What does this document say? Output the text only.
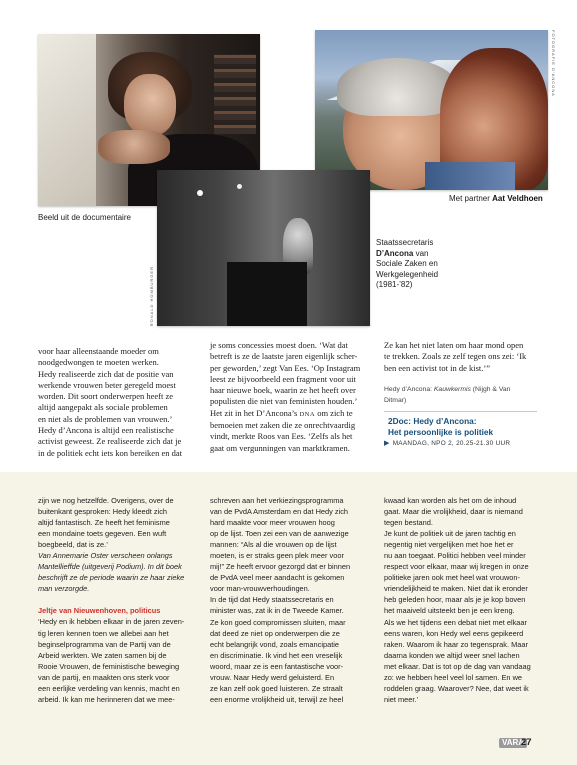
FOTOGRAFIE D'ANCONA
RONALD HOMBURGER
Beeld uit de documentaire
Met partner Aat Veldhoen
Staatssecretaris
D’Ancona van
Sociale Zaken en
Werkgelegenheid
(1981-’82)
voor haar alleenstaande moeder om
noodgedwongen te moeten werken.
Hedy realiseerde zich dat de positie van
werkende vrouwen beter geregeld moest
worden. Dit soort onderwerpen heeft ze
altijd aangepakt als sociale problemen
en niet als de problemen van vrouwen.’
Hedy d’Ancona is altijd een realistische
activist geweest. Ze realiseerde zich dat je
in de politiek echt iets kon bereiken en dat
je soms concessies moest doen. ‘Wat dat
betreft is ze de laatste jaren eigenlijk scher-
per geworden,’ zegt Van Ees. ‘Op Instagram
leest ze bijvoorbeeld een fragment voor uit
haar nieuwe boek, waarin ze het heeft over
populisten die niet van feministen houden.’
Het zit in het D’Ancona’s DNA om zich te
bemoeien met zaken die ze onrechtvaardig
vindt, merkte Roos van Ees. ‘Zelfs als het
gaat om vergunningen van marktkramen.
Ze kan het niet laten om haar mond open
te trekken. Zoals ze zelf tegen ons zei: ‘Ik
ben een activist tot in de kist.’”
Hedy d’Ancona: Kauwkermis (Nijgh & Van
Ditmar)
2Doc: Hedy d’Ancona:
Het persoonlijke is politiek
▶ MAANDAG, NPO 2, 20.25-21.30 UUR
zijn we nog hetzelfde. Overigens, over de
buitenkant gesproken: Hedy kleedt zich
altijd fantastisch. Ze heeft het feminisme
een mondaine toets gegeven. Een wuft
boegbeeld, dat is ze.’
Van Annemarie Oster verscheen onlangs
Mantellieffde (uitgeverij Podium). In dit boek
beschrijft ze de periode waarin ze haar zieke
man verzorgde.
Jeltje van Nieuwenhoven, politicus
‘Hedy en ik hebben elkaar in de jaren zeven-
tig leren kennen toen we allebei aan het
beginselprogramma van de Partij van de
Arbeid werkten. We zaten samen bij de
Rooie Vrouwen, de feministische beweging
van de partij, en maakten ons sterk voor
een eerlijke verdeling van kennis, macht en
arbeid. Ik kan me herinneren dat we mee-
schreven aan het verkiezingsprogramma
van de PvdA Amsterdam en dat Hedy zich
hard maakte voor meer vrouwen hoog
op de lijst. Toen zei een van de aanwezige
mannen: “Als al die vrouwen op de lijst
moeten, is er straks geen plek meer voor
mij!” Ze heeft ervoor gezorgd dat er binnen
de PvdA veel meer aandacht is gekomen
voor man-vrouwverhoudingen.
In de tijd dat Hedy staatssecretaris en
minister was, zat ik in de Tweede Kamer.
Ze kon goed compromissen sluiten, maar
dat deed ze niet op onderwerpen die ze
echt belangrijk vond, zoals emancipatie
en discriminatie. Ik vind het een vreselijk
woord, maar ze is een fantastische voor-
vrouw. Naar Hedy werd geluisterd. En
ze kan zelf ook goed luisteren. Ze straalt
een enorme vrolijkheid uit, terwijl ze heel
kwaad kan worden als het om de inhoud
gaat. Maar die vrolijkheid, daar is niemand
tegen bestand.
Je kunt de politiek uit de jaren tachtig en
negentig niet vergelijken met hoe het er
nu aan toegaat. Politici hebben veel minder
respect voor elkaar, maar wij kregen in onze
politieke jaren ook met heel wat vrouwon-
vriendelijkheid te maken. Niet dat ik eronder
heb geleden hoor, maar als je je kop boven
het maaiveld uitsteekt ben je een kreng.
Als we het tijdens een debat niet met elkaar
eens waren, kon Hedy wel eens gepikeerd
raken. Waarom ik haar zo tegensprak. Maar
daarna konden we altijd weer snel lachen
met elkaar. Dat is tot op de dag van vandaag
zo: we hebben heel veel lol samen. En we
roddelen graag. Waarover? Nee, dat weet ik
niet meer.’
VARA
27
